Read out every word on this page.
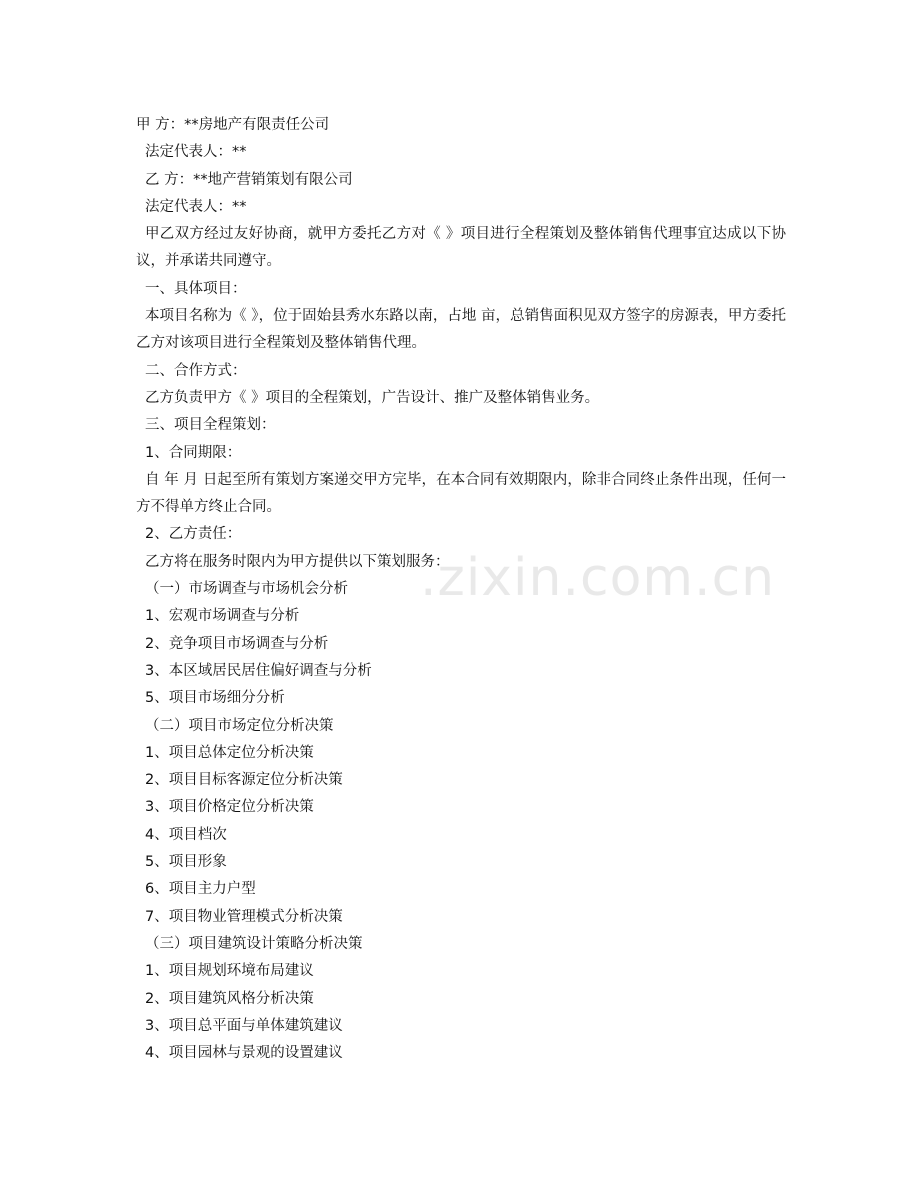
.zixin.com.cn

甲 方：**房地产有限责任公司

法定代表人：**

乙 方：**地产营销策划有限公司

法定代表人：**

甲乙双方经过友好协商，就甲方委托乙方对《 》项目进行全程策划及整体销售代理事宜达成以下协议，并承诺共同遵守。

一、具体项目：

本项目名称为《 》，位于固始县秀水东路以南，占地 亩，总销售面积见双方签字的房源表，甲方委托乙方对该项目进行全程策划及整体销售代理。

二、合作方式：

乙方负责甲方《 》项目的全程策划，广告设计、推广及整体销售业务。

三、项目全程策划：

1、合同期限：

自 年 月 日起至所有策划方案递交甲方完毕，在本合同有效期限内，除非合同终止条件出现，任何一方不得单方终止合同。

2、乙方责任：

乙方将在服务时限内为甲方提供以下策划服务：

（一）市场调查与市场机会分析

1、宏观市场调查与分析

2、竞争项目市场调查与分析

3、本区域居民居住偏好调查与分析

5、项目市场细分分析

（二）项目市场定位分析决策

1、项目总体定位分析决策

2、项目目标客源定位分析决策

3、项目价格定位分析决策

4、项目档次

5、项目形象

6、项目主力户型

7、项目物业管理模式分析决策

（三）项目建筑设计策略分析决策

1、项目规划环境布局建议

2、项目建筑风格分析决策

3、项目总平面与单体建筑建议

4、项目园林与景观的设置建议
